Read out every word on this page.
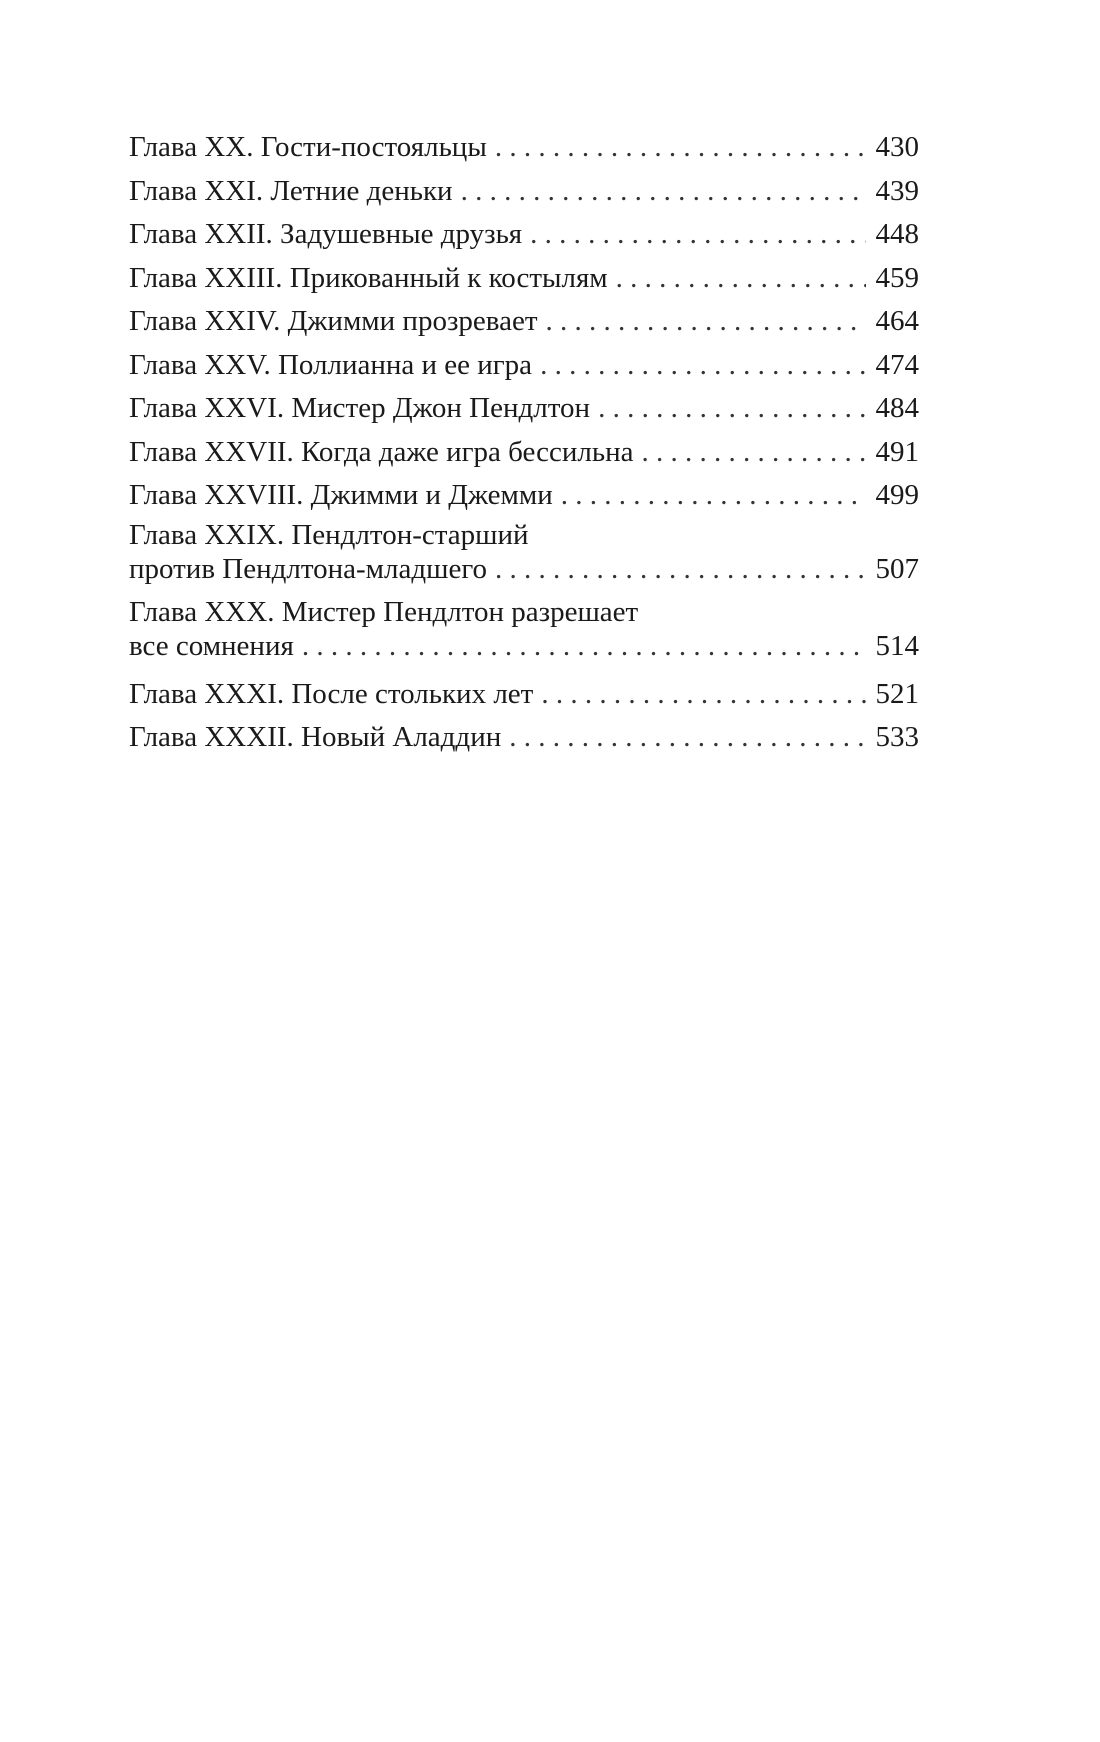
Глава XX. Гости-постояльцы . . .	430
Глава XXI. Летние деньки . . .	439
Глава XXII. Задушевные друзья . . .	448
Глава XXIII. Прикованный к костылям . . .	459
Глава XXIV. Джимми прозревает . . .	464
Глава XXV. Поллианна и ее игра . . .	474
Глава XXVI. Мистер Джон Пендлтон . . .	484
Глава XXVII. Когда даже игра бессильна . . .	491
Глава XXVIII. Джимми и Джемми . . .	499
Глава XXIX. Пендлтон-старший
против Пендлтона-младшего . . .	507
Глава XXX. Мистер Пендлтон разрешает
все сомнения . . .	514
Глава XXXI. После стольких лет . . .	521
Глава XXXII. Новый Аладдин . . .	533
